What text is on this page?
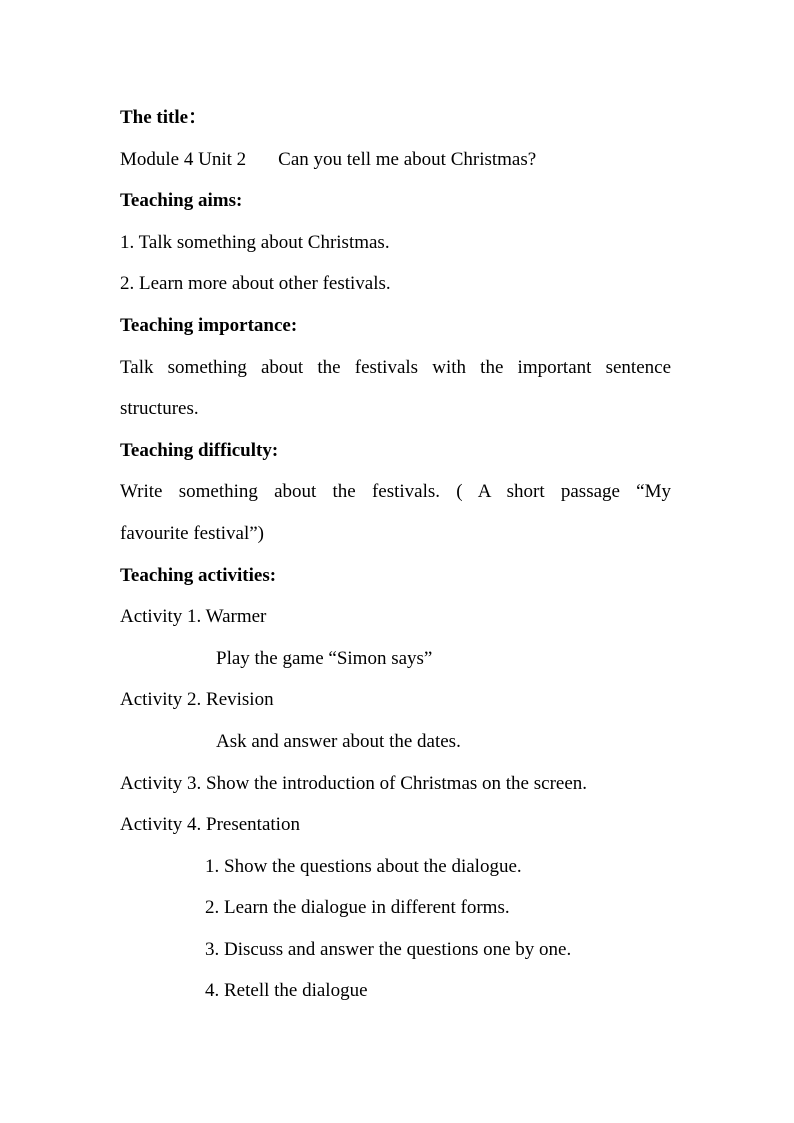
The title：
Module 4 Unit 2 Can you tell me about Christmas?
Teaching aims:
1. Talk something about Christmas.
2. Learn more about other festivals.
Teaching importance:
Talk something about the festivals with the important sentence
structures.
Teaching difficulty:
Write something about the festivals. ( A short passage “My
favourite festival”)
Teaching activities:
Activity 1. Warmer
Play the game “Simon says”
Activity 2. Revision
Ask and answer about the dates.
Activity 3. Show the introduction of Christmas on the screen.
Activity 4. Presentation
1. Show the questions about the dialogue.
2. Learn the dialogue in different forms.
3. Discuss and answer the questions one by one.
4. Retell the dialogue
